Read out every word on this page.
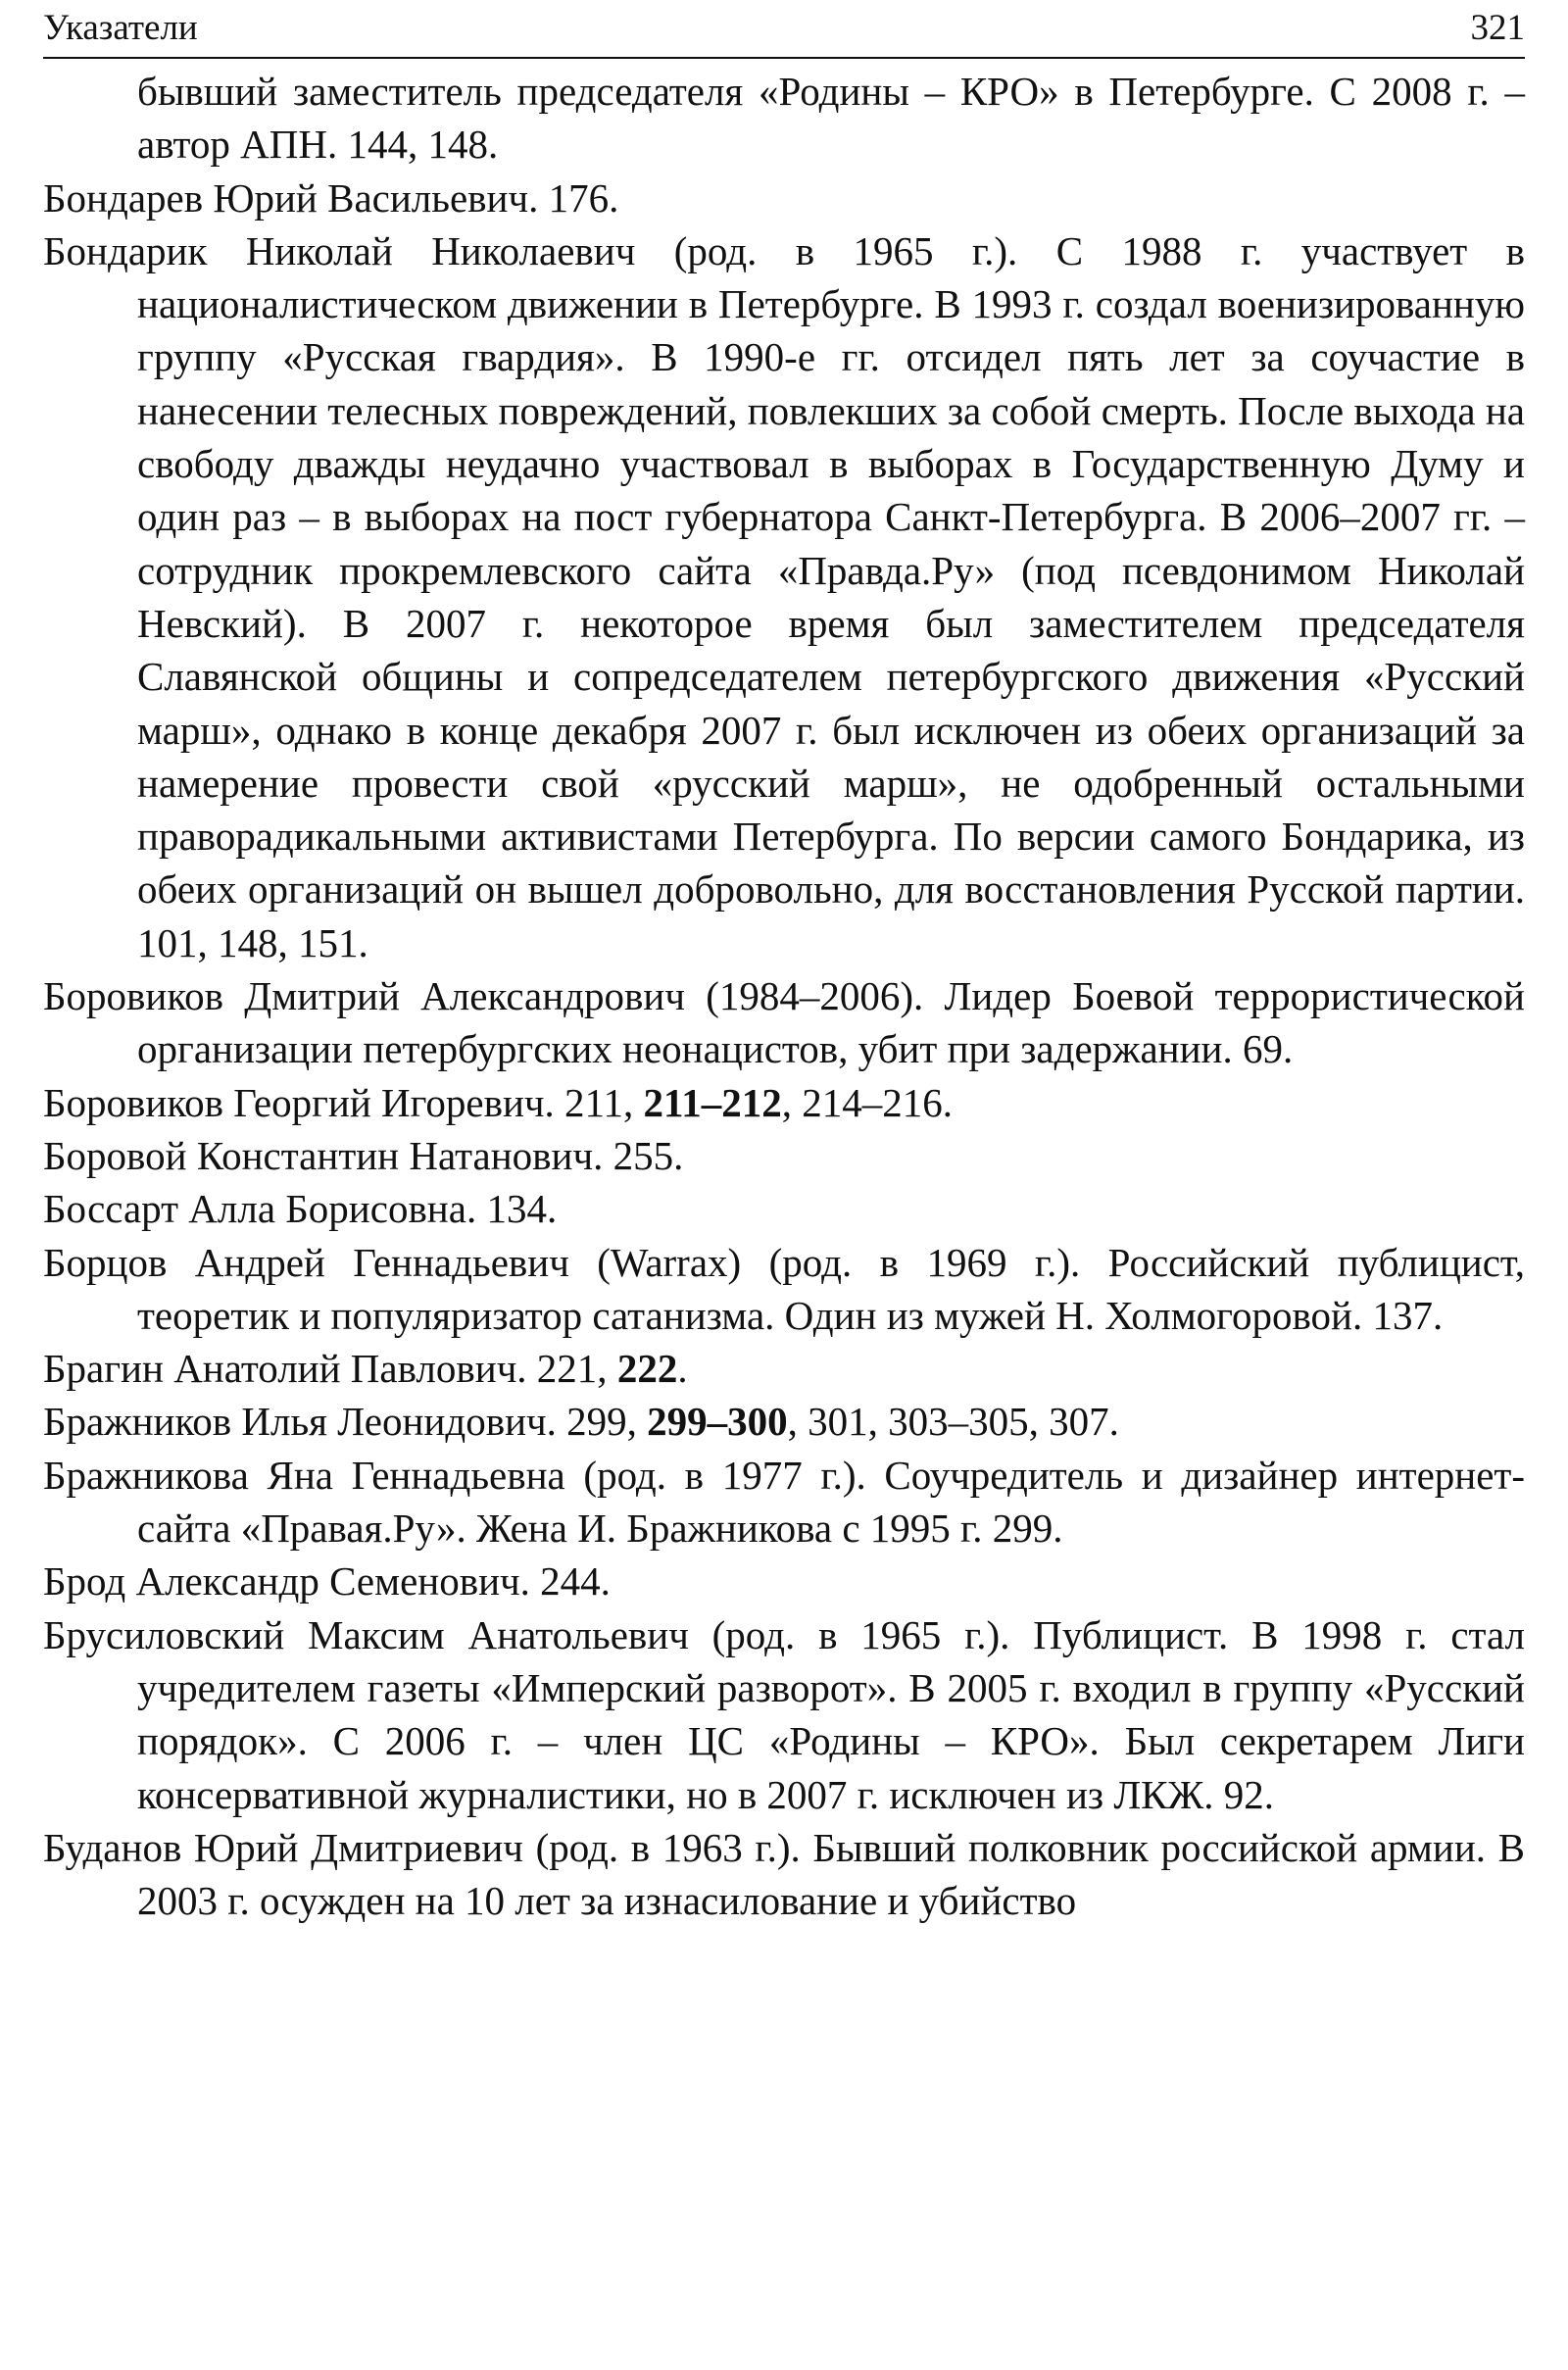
Указатели	321

бывший заместитель председателя «Родины – КРО» в Петербурге. С 2008 г. – автор АПН. 144, 148.

Бондарев Юрий Васильевич. 176.

Бондарик Николай Николаевич (род. в 1965 г.). С 1988 г. участвует в националистическом движении в Петербурге. В 1993 г. создал военизированную группу «Русская гвардия». В 1990-е гг. отсидел пять лет за соучастие в нанесении телесных повреждений, повлекших за собой смерть. После выхода на свободу дважды неудачно участвовал в выборах в Государственную Думу и один раз – в выборах на пост губернатора Санкт-Петербурга. В 2006–2007 гг. – сотрудник прокремлевского сайта «Правда.Ру» (под псевдонимом Николай Невский). В 2007 г. некоторое время был заместителем председателя Славянской общины и сопредседателем петербургского движения «Русский марш», однако в конце декабря 2007 г. был исключен из обеих организаций за намерение провести свой «русский марш», не одобренный остальными праворадикальными активистами Петербурга. По версии самого Бондарика, из обеих организаций он вышел добровольно, для восстановления Русской партии. 101, 148, 151.

Боровиков Дмитрий Александрович (1984–2006). Лидер Боевой террористической организации петербургских неонацистов, убит при задержании. 69.

Боровиков Георгий Игоревич. 211, 211–212, 214–216.

Боровой Константин Натанович. 255.

Боссарт Алла Борисовна. 134.

Борцов Андрей Геннадьевич (Warrax) (род. в 1969 г.). Российский публицист, теоретик и популяризатор сатанизма. Один из мужей Н. Холмогоровой. 137.

Брагин Анатолий Павлович. 221, 222.

Бражников Илья Леонидович. 299, 299–300, 301, 303–305, 307.

Бражникова Яна Геннадьевна (род. в 1977 г.). Соучредитель и дизайнер интернет-сайта «Правая.Ру». Жена И. Бражникова с 1995 г. 299.

Брод Александр Семенович. 244.

Брусиловский Максим Анатольевич (род. в 1965 г.). Публицист. В 1998 г. стал учредителем газеты «Имперский разворот». В 2005 г. входил в группу «Русский порядок». С 2006 г. – член ЦС «Родины – КРО». Был секретарем Лиги консервативной журналистики, но в 2007 г. исключен из ЛКЖ. 92.

Буданов Юрий Дмитриевич (род. в 1963 г.). Бывший полковник российской армии. В 2003 г. осужден на 10 лет за изнасилование и убийство
